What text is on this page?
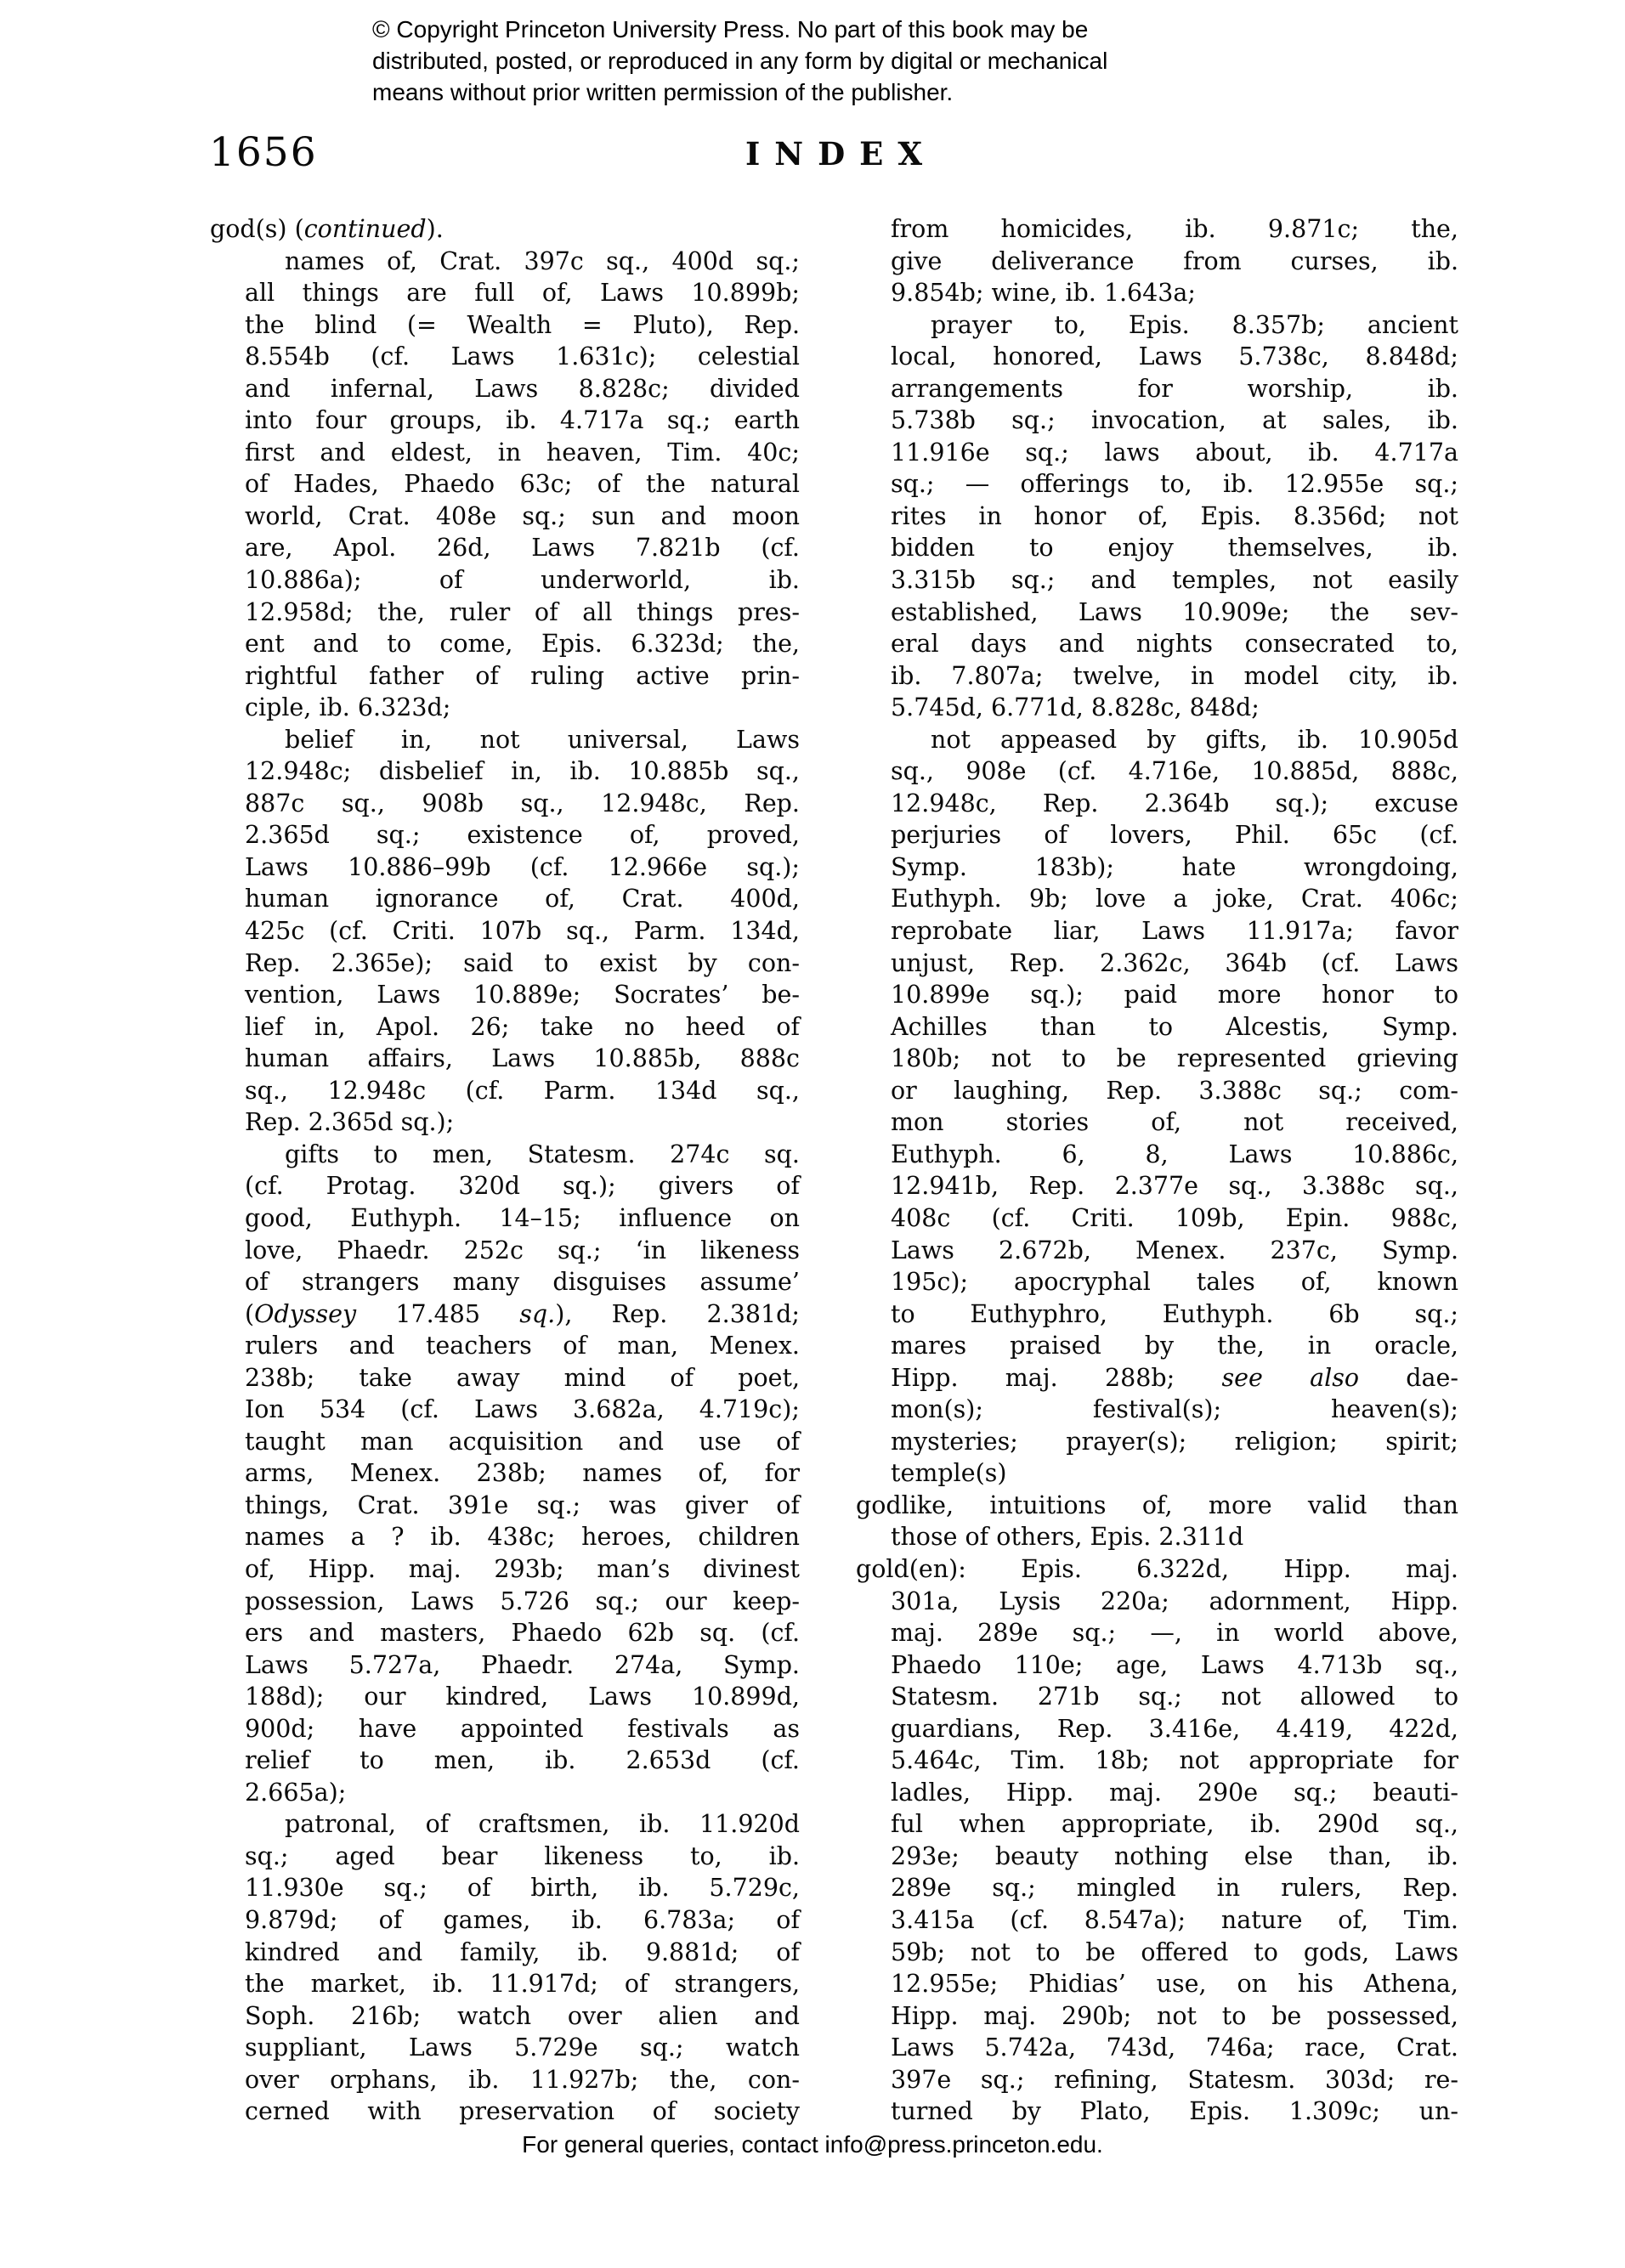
© Copyright Princeton University Press. No part of this book may be
distributed, posted, or reproduced in any form by digital or mechanical
means without prior written permission of the publisher.
1656	INDEX
god(s) (continued).
names of, Crat. 397c sq., 400d sq.;
all things are full of, Laws 10.899b;
the blind (= Wealth = Pluto), Rep.
8.554b (cf. Laws 1.631c); celestial
and infernal, Laws 8.828c; divided
into four groups, ib. 4.717a sq.; earth
first and eldest, in heaven, Tim. 40c;
of Hades, Phaedo 63c; of the natural
world, Crat. 408e sq.; sun and moon
are, Apol. 26d, Laws 7.821b (cf.
10.886a); of underworld, ib.
12.958d; the, ruler of all things pres-
ent and to come, Epis. 6.323d; the,
rightful father of ruling active prin-
ciple, ib. 6.323d;
belief in, not universal, Laws
12.948c; disbelief in, ib. 10.885b sq.,
887c sq., 908b sq., 12.948c, Rep.
2.365d sq.; existence of, proved,
Laws 10.886–99b (cf. 12.966e sq.);
human ignorance of, Crat. 400d,
425c (cf. Criti. 107b sq., Parm. 134d,
Rep. 2.365e); said to exist by con-
vention, Laws 10.889e; Socrates’ be-
lief in, Apol. 26; take no heed of
human affairs, Laws 10.885b, 888c
sq., 12.948c (cf. Parm. 134d sq.,
Rep. 2.365d sq.);
gifts to men, Statesm. 274c sq.
(cf. Protag. 320d sq.); givers of
good, Euthyph. 14–15; influence on
love, Phaedr. 252c sq.; ‘in likeness
of strangers many disguises assume’
(Odyssey 17.485 sq.), Rep. 2.381d;
rulers and teachers of man, Menex.
238b; take away mind of poet,
Ion 534 (cf. Laws 3.682a, 4.719c);
taught man acquisition and use of
arms, Menex. 238b; names of, for
things, Crat. 391e sq.; was giver of
names a ? ib. 438c; heroes, children
of, Hipp. maj. 293b; man’s divinest
possession, Laws 5.726 sq.; our keep-
ers and masters, Phaedo 62b sq. (cf.
Laws 5.727a, Phaedr. 274a, Symp.
188d); our kindred, Laws 10.899d,
900d; have appointed festivals as
relief to men, ib. 2.653d (cf.
2.665a);
patronal, of craftsmen, ib. 11.920d
sq.; aged bear likeness to, ib.
11.930e sq.; of birth, ib. 5.729c,
9.879d; of games, ib. 6.783a; of
kindred and family, ib. 9.881d; of
the market, ib. 11.917d; of strangers,
Soph. 216b; watch over alien and
suppliant, Laws 5.729e sq.; watch
over orphans, ib. 11.927b; the, con-
cerned with preservation of society
from homicides, ib. 9.871c; the,
give deliverance from curses, ib.
9.854b; wine, ib. 1.643a;
prayer to, Epis. 8.357b; ancient
local, honored, Laws 5.738c, 8.848d;
arrangements for worship, ib.
5.738b sq.; invocation, at sales, ib.
11.916e sq.; laws about, ib. 4.717a
sq.; — offerings to, ib. 12.955e sq.;
rites in honor of, Epis. 8.356d; not
bidden to enjoy themselves, ib.
3.315b sq.; and temples, not easily
established, Laws 10.909e; the sev-
eral days and nights consecrated to,
ib. 7.807a; twelve, in model city, ib.
5.745d, 6.771d, 8.828c, 848d;
not appeased by gifts, ib. 10.905d
sq., 908e (cf. 4.716e, 10.885d, 888c,
12.948c, Rep. 2.364b sq.); excuse
perjuries of lovers, Phil. 65c (cf.
Symp. 183b); hate wrongdoing,
Euthyph. 9b; love a joke, Crat. 406c;
reprobate liar, Laws 11.917a; favor
unjust, Rep. 2.362c, 364b (cf. Laws
10.899e sq.); paid more honor to
Achilles than to Alcestis, Symp.
180b; not to be represented grieving
or laughing, Rep. 3.388c sq.; com-
mon stories of, not received,
Euthyph. 6, 8, Laws 10.886c,
12.941b, Rep. 2.377e sq., 3.388c sq.,
408c (cf. Criti. 109b, Epin. 988c,
Laws 2.672b, Menex. 237c, Symp.
195c); apocryphal tales of, known
to Euthyphro, Euthyph. 6b sq.;
mares praised by the, in oracle,
Hipp. maj. 288b; see also dae-
mon(s); festival(s); heaven(s);
mysteries; prayer(s); religion; spirit;
temple(s)
godlike, intuitions of, more valid than
those of others, Epis. 2.311d
gold(en): Epis. 6.322d, Hipp. maj.
301a, Lysis 220a; adornment, Hipp.
maj. 289e sq.; —, in world above,
Phaedo 110e; age, Laws 4.713b sq.,
Statesm. 271b sq.; not allowed to
guardians, Rep. 3.416e, 4.419, 422d,
5.464c, Tim. 18b; not appropriate for
ladles, Hipp. maj. 290e sq.; beauti-
ful when appropriate, ib. 290d sq.,
293e; beauty nothing else than, ib.
289e sq.; mingled in rulers, Rep.
3.415a (cf. 8.547a); nature of, Tim.
59b; not to be offered to gods, Laws
12.955e; Phidias’ use, on his Athena,
Hipp. maj. 290b; not to be possessed,
Laws 5.742a, 743d, 746a; race, Crat.
397e sq.; refining, Statesm. 303d; re-
turned by Plato, Epis. 1.309c; un-
For general queries, contact info@press.princeton.edu.
